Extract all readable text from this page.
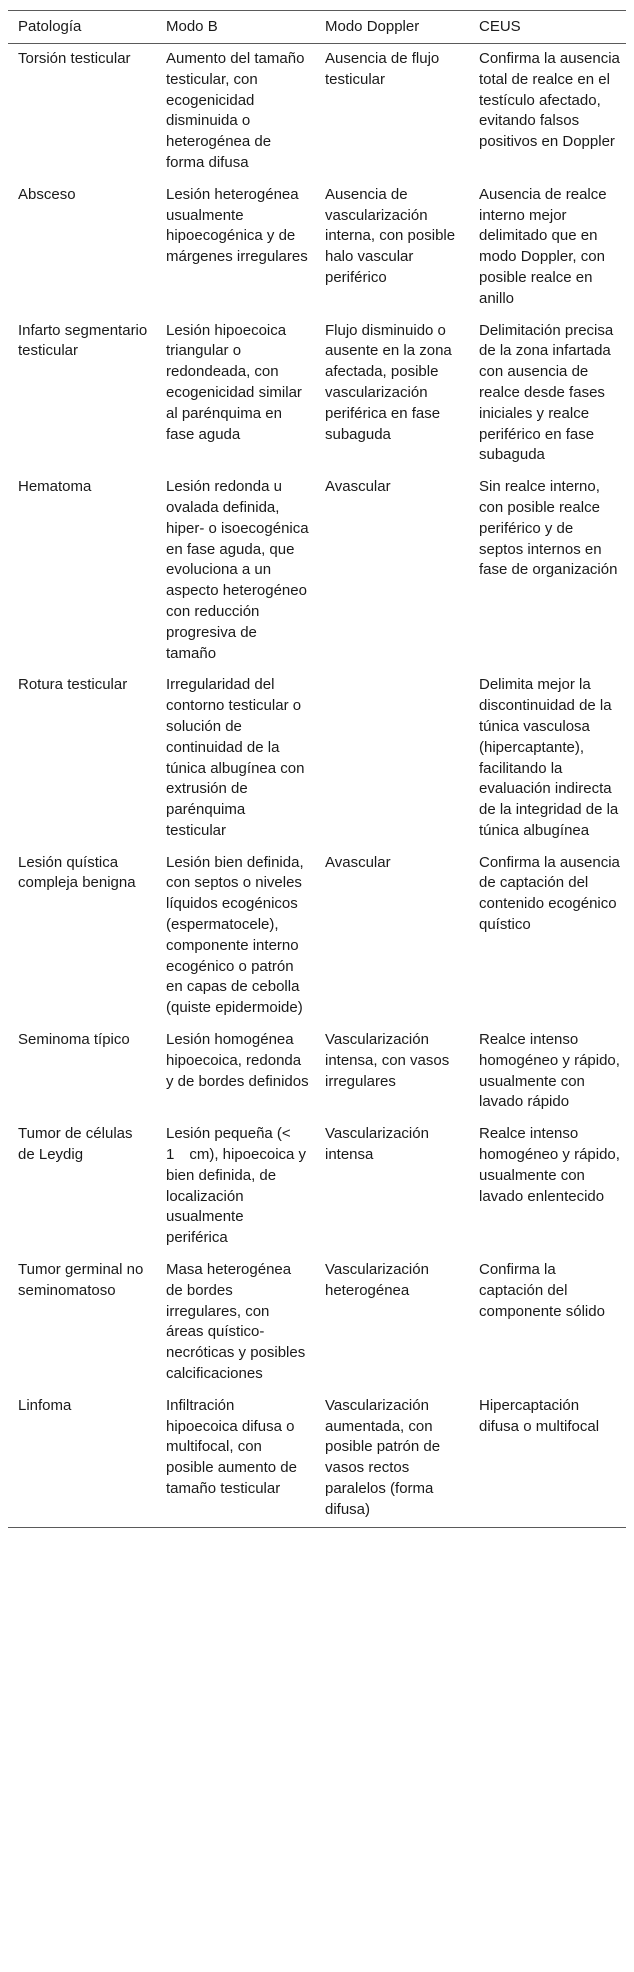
Patología	Modo B	Modo Doppler	CEUS
Torsión testicular	Aumento del tamaño testicular, con ecogenicidad disminuida o heterogénea de forma difusa	Ausencia de flujo testicular	Confirma la ausencia total de realce en el testículo afectado, evitando falsos positivos en Doppler
Absceso	Lesión heterogénea usualmente hipoecogénica y de márgenes irregulares	Ausencia de vascularización interna, con posible halo vascular periférico	Ausencia de realce interno mejor delimitado que en modo Doppler, con posible realce en anillo
Infarto segmentario testicular	Lesión hipoecoica triangular o redondeada, con ecogenicidad similar al parénquima en fase aguda	Flujo disminuido o ausente en la zona afectada, posible vascularización periférica en fase subaguda	Delimitación precisa de la zona infartada con ausencia de realce desde fases iniciales y realce periférico en fase subaguda
Hematoma	Lesión redonda u ovalada definida, hiper- o isoecogénica en fase aguda, que evoluciona a un aspecto heterogéneo con reducción progresiva de tamaño	Avascular	Sin realce interno, con posible realce periférico y de septos internos en fase de organización
Rotura testicular	Irregularidad del contorno testicular o solución de continuidad de la túnica albugínea con extrusión de parénquima testicular		Delimita mejor la discontinuidad de la túnica vasculosa (hipercaptante), facilitando la evaluación indirecta de la integridad de la túnica albugínea
Lesión quística compleja benigna	Lesión bien definida, con septos o niveles líquidos ecogénicos (espermatocele), componente interno ecogénico o patrón en capas de cebolla (quiste epidermoide)	Avascular	Confirma la ausencia de captación del contenido ecogénico quístico
Seminoma típico	Lesión homogénea hipoecoica, redonda y de bordes definidos	Vascularización intensa, con vasos irregulares	Realce intenso homogéneo y rápido, usualmente con lavado rápido
Tumor de células de Leydig	Lesión pequeña (< 1 cm), hipoecoica y bien definida, de localización usualmente periférica	Vascularización intensa	Realce intenso homogéneo y rápido, usualmente con lavado enlentecido
Tumor germinal no seminomatoso	Masa heterogénea de bordes irregulares, con áreas quístico-necróticas y posibles calcificaciones	Vascularización heterogénea	Confirma la captación del componente sólido
Linfoma	Infiltración hipoecoica difusa o multifocal, con posible aumento de tamaño testicular	Vascularización aumentada, con posible patrón de vasos rectos paralelos (forma difusa)	Hipercaptación difusa o multifocal
